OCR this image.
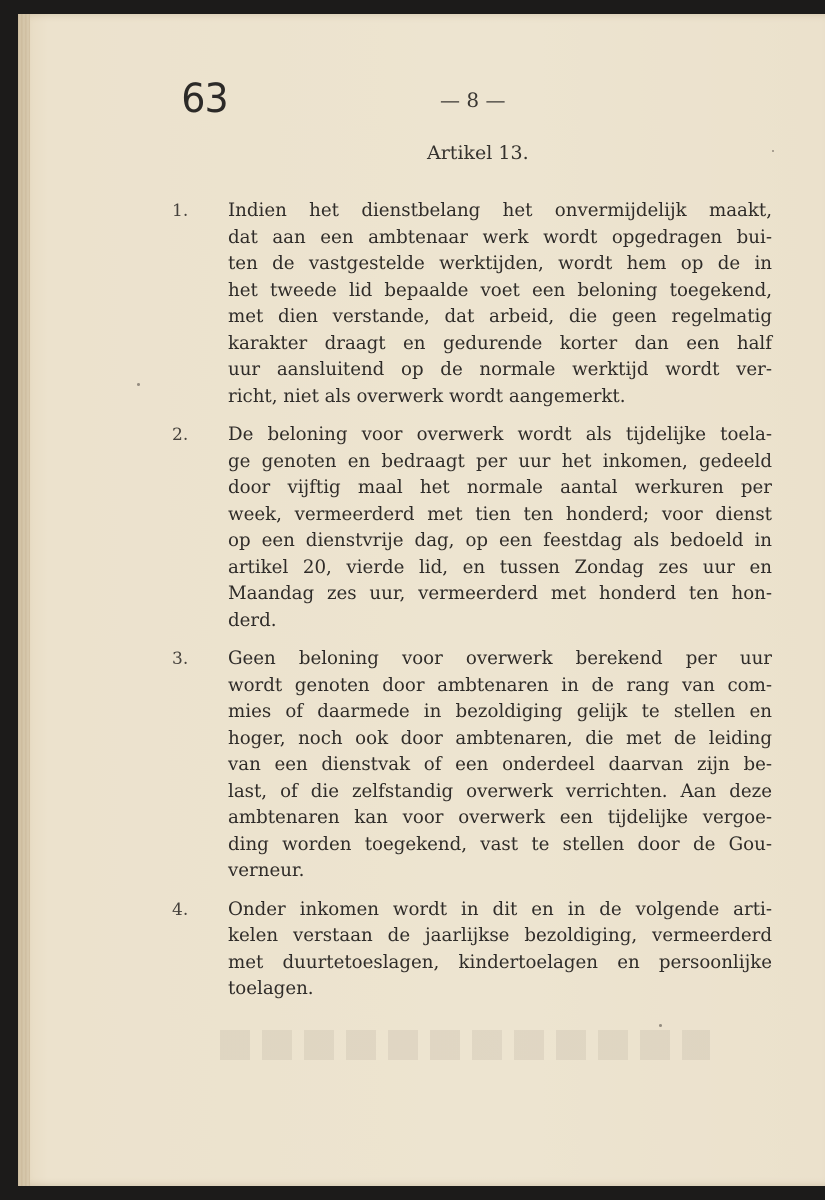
63	— 8 —
Artikel 13.
1.	Indien het dienstbelang het onvermijdelijk maakt,
dat aan een ambtenaar werk wordt opgedragen bui-
ten de vastgestelde werktijden, wordt hem op de in
het tweede lid bepaalde voet een beloning toegekend,
met dien verstande, dat arbeid, die geen regelmatig
karakter draagt en gedurende korter dan een half
uur aansluitend op de normale werktijd wordt ver-
richt, niet als overwerk wordt aangemerkt.
2.	De beloning voor overwerk wordt als tijdelijke toela-
ge genoten en bedraagt per uur het inkomen, gedeeld
door vijftig maal het normale aantal werkuren per
week, vermeerderd met tien ten honderd; voor dienst
op een dienstvrije dag, op een feestdag als bedoeld in
artikel 20, vierde lid, en tussen Zondag zes uur en
Maandag zes uur, vermeerderd met honderd ten hon-
derd.
3.	Geen beloning voor overwerk berekend per uur
wordt genoten door ambtenaren in de rang van com-
mies of daarmede in bezoldiging gelijk te stellen en
hoger, noch ook door ambtenaren, die met de leiding
van een dienstvak of een onderdeel daarvan zijn be-
last, of die zelfstandig overwerk verrichten. Aan deze
ambtenaren kan voor overwerk een tijdelijke vergoe-
ding worden toegekend, vast te stellen door de Gou-
verneur.
4.	Onder inkomen wordt in dit en in de volgende arti-
kelen verstaan de jaarlijkse bezoldiging, vermeerderd
met duurtetoeslagen, kindertoelagen en persoonlijke
toelagen.
